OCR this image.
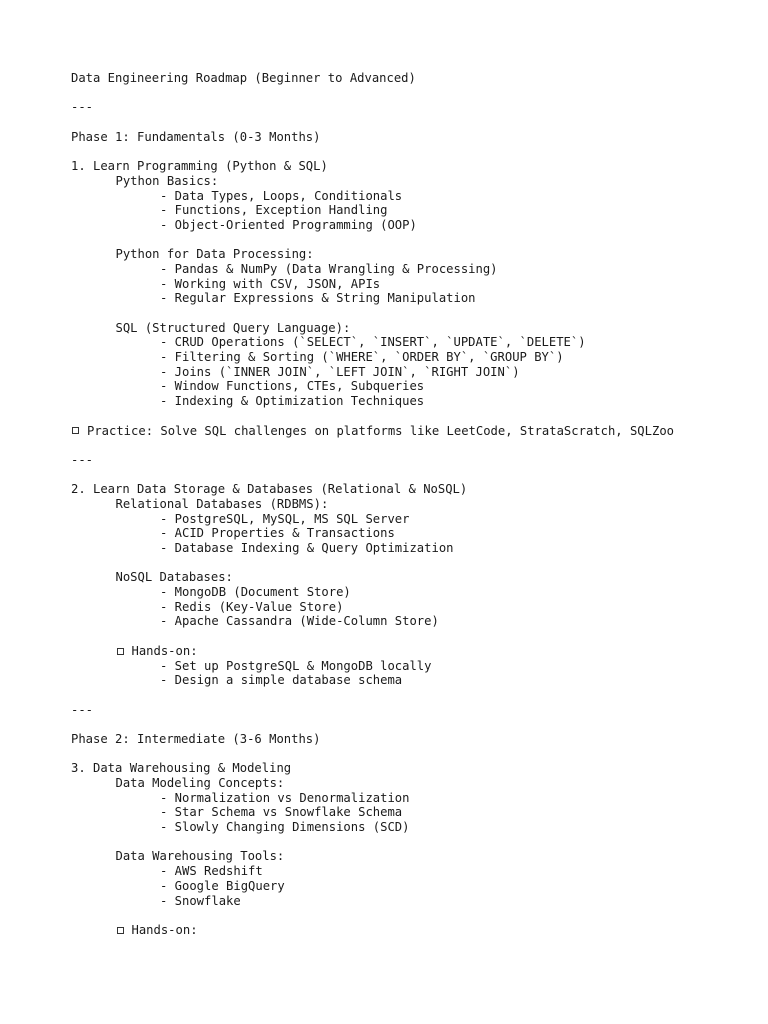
Data Engineering Roadmap (Beginner to Advanced)
---
Phase 1: Fundamentals (0-3 Months)
1. Learn Programming (Python & SQL)
Python Basics:
- Data Types, Loops, Conditionals
- Functions, Exception Handling
- Object-Oriented Programming (OOP)
Python for Data Processing:
- Pandas & NumPy (Data Wrangling & Processing)
- Working with CSV, JSON, APIs
- Regular Expressions & String Manipulation
SQL (Structured Query Language):
- CRUD Operations (`SELECT`, `INSERT`, `UPDATE`, `DELETE`)
- Filtering & Sorting (`WHERE`, `ORDER BY`, `GROUP BY`)
- Joins (`INNER JOIN`, `LEFT JOIN`, `RIGHT JOIN`)
- Window Functions, CTEs, Subqueries
- Indexing & Optimization Techniques
Practice: Solve SQL challenges on platforms like LeetCode, StrataScratch, SQLZoo
---
2. Learn Data Storage & Databases (Relational & NoSQL)
Relational Databases (RDBMS):
- PostgreSQL, MySQL, MS SQL Server
- ACID Properties & Transactions
- Database Indexing & Query Optimization
NoSQL Databases:
- MongoDB (Document Store)
- Redis (Key-Value Store)
- Apache Cassandra (Wide-Column Store)
Hands-on:
- Set up PostgreSQL & MongoDB locally
- Design a simple database schema
---
Phase 2: Intermediate (3-6 Months)
3. Data Warehousing & Modeling
Data Modeling Concepts:
- Normalization vs Denormalization
- Star Schema vs Snowflake Schema
- Slowly Changing Dimensions (SCD)
Data Warehousing Tools:
- AWS Redshift
- Google BigQuery
- Snowflake
Hands-on:
